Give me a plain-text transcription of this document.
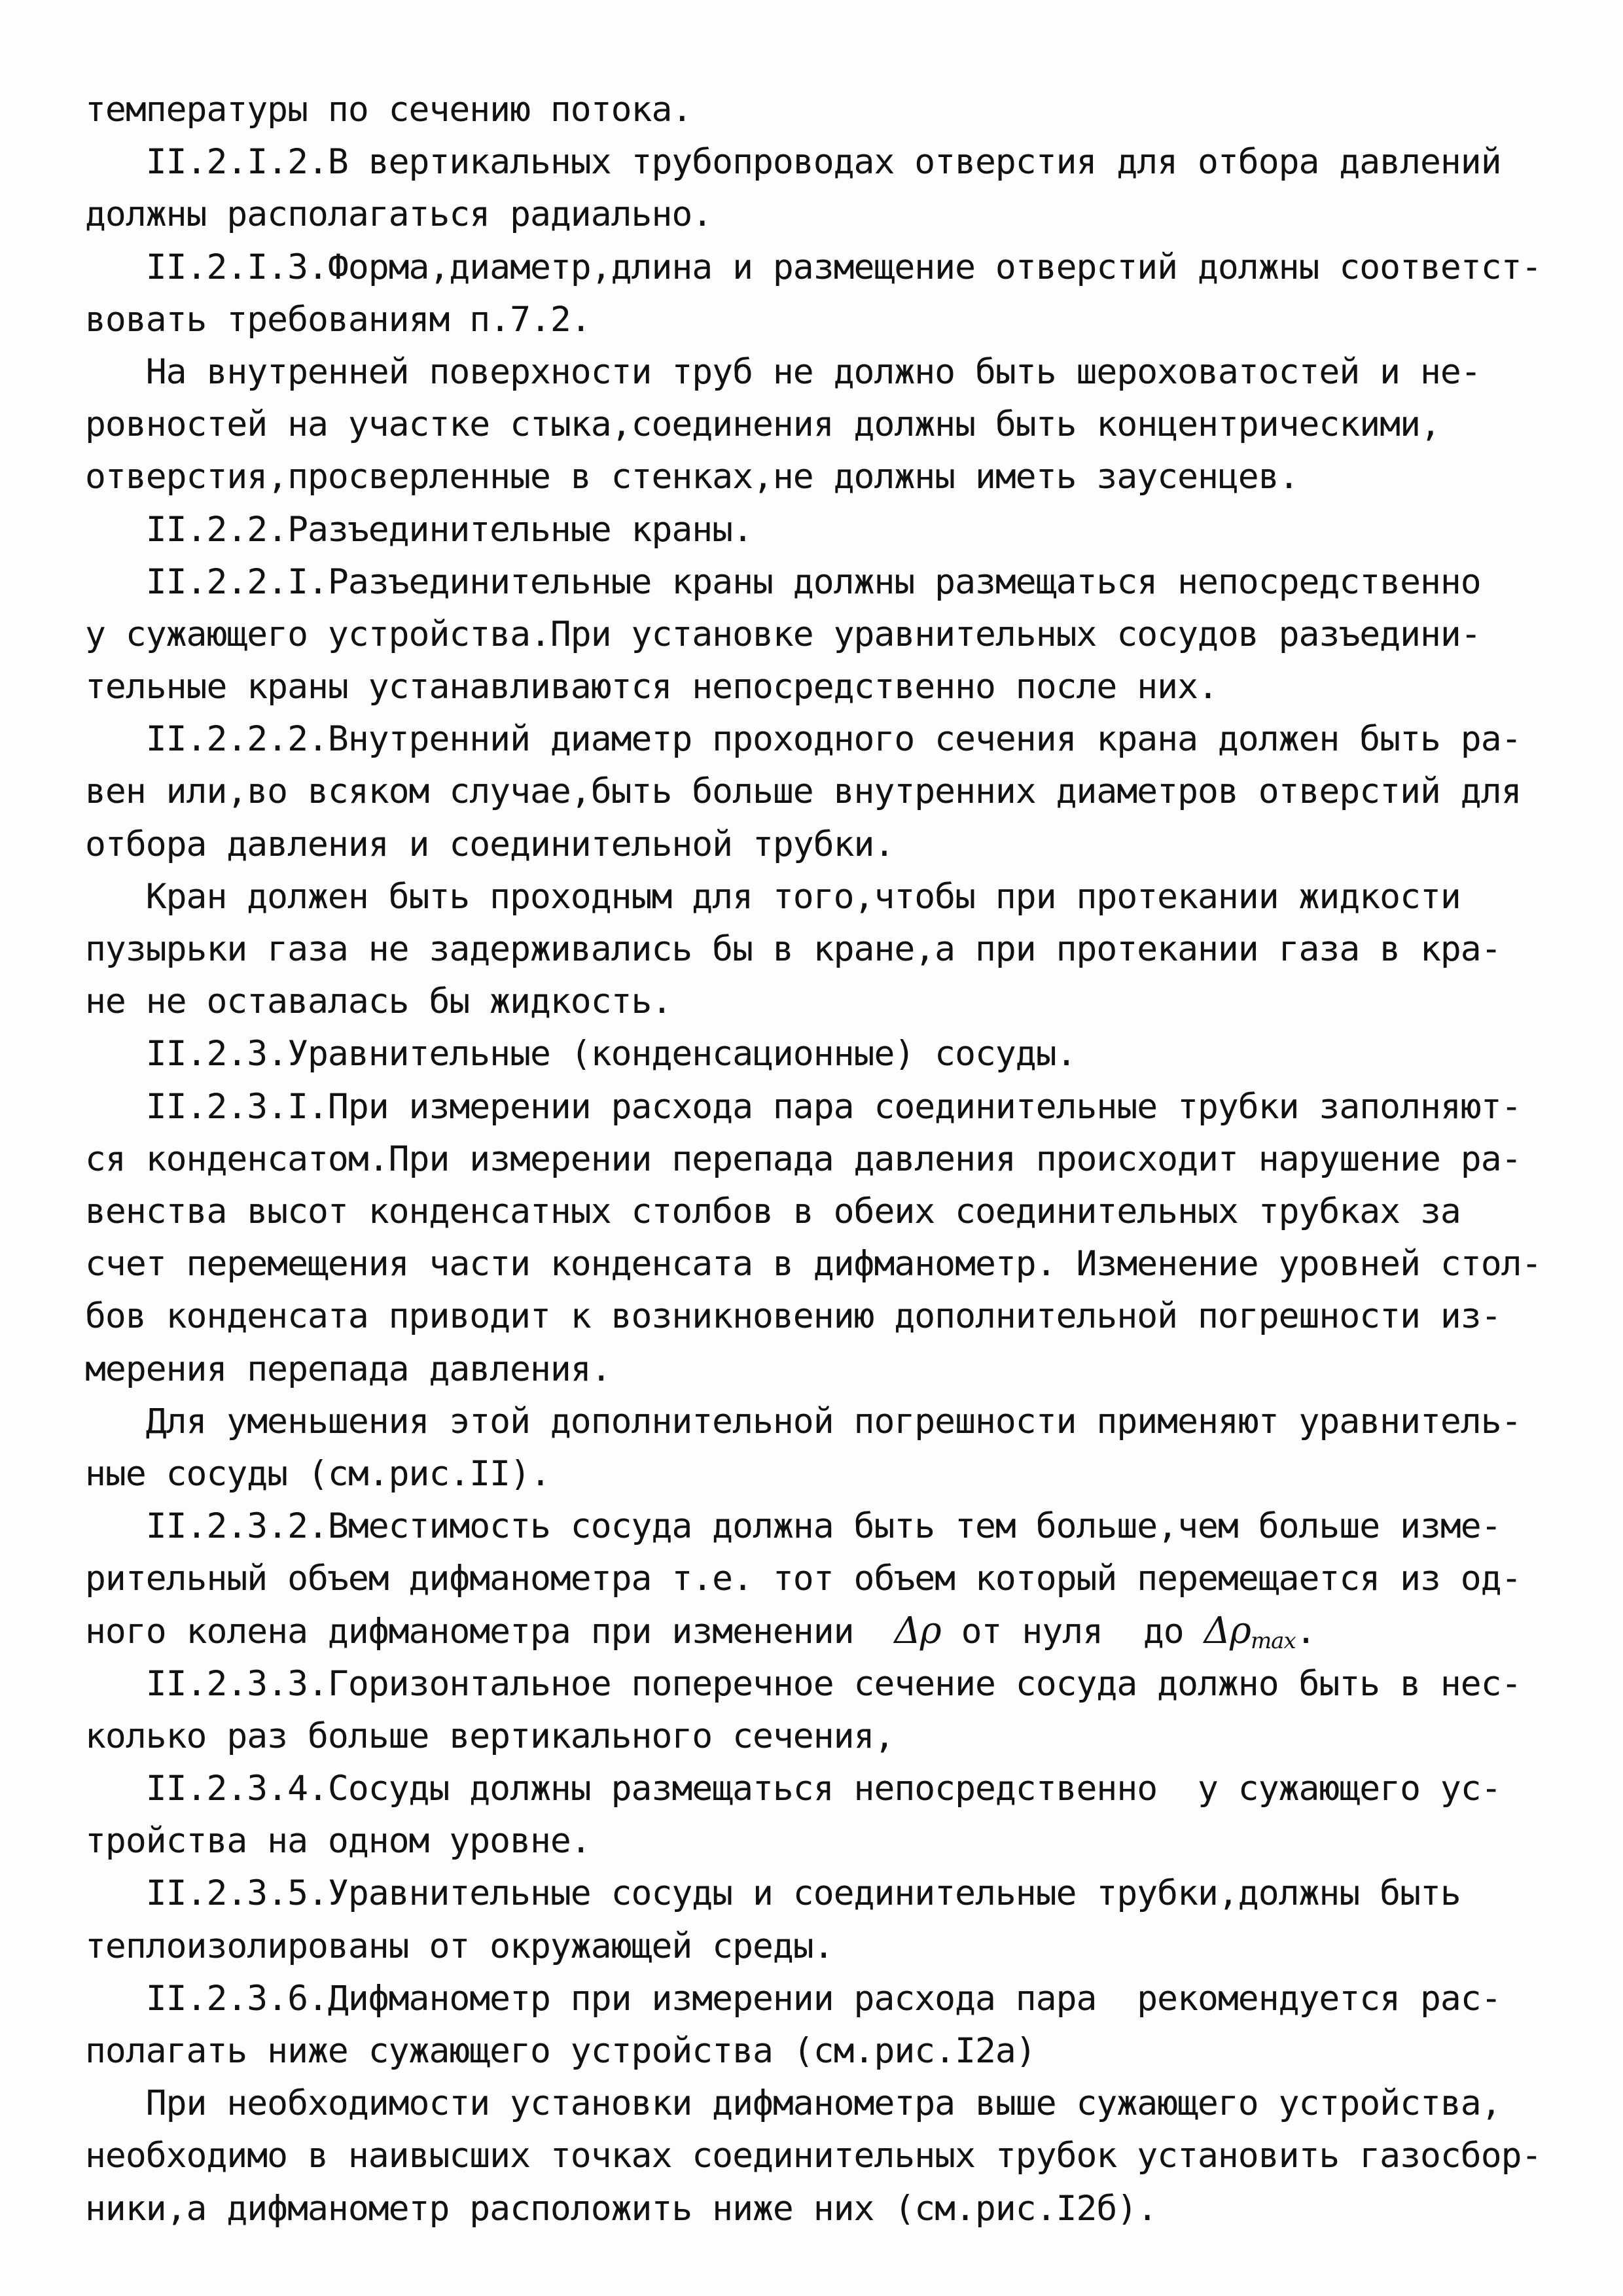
температуры по сечению потока.
II.2.I.2.В вертикальных трубопроводах отверстия для отбора давлений
должны располагаться радиально.
II.2.I.3.Форма,диаметр,длина и размещение отверстий должны соответст-
вовать требованиям п.7.2.
На внутренней поверхности труб не должно быть шероховатостей и не-
ровностей на участке стыка,соединения должны быть концентрическими,
отверстия,просверленные в стенках,не должны иметь заусенцев.
II.2.2.Разъединительные краны.
II.2.2.I.Разъединительные краны должны размещаться непосредственно
у сужающего устройства.При установке уравнительных сосудов разъедини-
тельные краны устанавливаются непосредственно после них.
II.2.2.2.Внутренний диаметр проходного сечения крана должен быть ра-
вен или,во всяком случае,быть больше внутренних диаметров отверстий для
отбора давления и соединительной трубки.
Кран должен быть проходным для того,чтобы при протекании жидкости
пузырьки газа не задерживались бы в кране,а при протекании газа в кра-
не не оставалась бы жидкость.
II.2.3.Уравнительные (конденсационные) сосуды.
II.2.3.I.При измерении расхода пара соединительные трубки заполняют-
ся конденсатом.При измерении перепада давления происходит нарушение ра-
венства высот конденсатных столбов в обеих соединительных трубках за
счет перемещения части конденсата в дифманометр. Изменение уровней стол-
бов конденсата приводит к возникновению дополнительной погрешности из-
мерения перепада давления.
Для уменьшения этой дополнительной погрешности применяют уравнитель-
ные сосуды (см.рис.II).
II.2.3.2.Вместимость сосуда должна быть тем больше,чем больше изме-
рительный объем дифманометра т.е. тот объем который перемещается из од-
ного колена дифманометра при изменении  Δρ от нуля  до $\Delta\rho_{max}$.
II.2.3.3.Горизонтальное поперечное сечение сосуда должно быть в нес-
колько раз больше вертикального сечения,
II.2.3.4.Сосуды должны размещаться непосредственно  у сужающего ус-
тройства на одном уровне.
II.2.3.5.Уравнительные сосуды и соединительные трубки,должны быть
теплоизолированы от окружающей среды.
II.2.3.6.Дифманометр при измерении расхода пара  рекомендуется рас-
полагать ниже сужающего устройства (см.рис.I2а)
При необходимости установки дифманометра выше сужающего устройства,
необходимо в наивысших точках соединительных трубок установить газосбор-
ники,а дифманометр расположить ниже них (см.рис.I2б).
